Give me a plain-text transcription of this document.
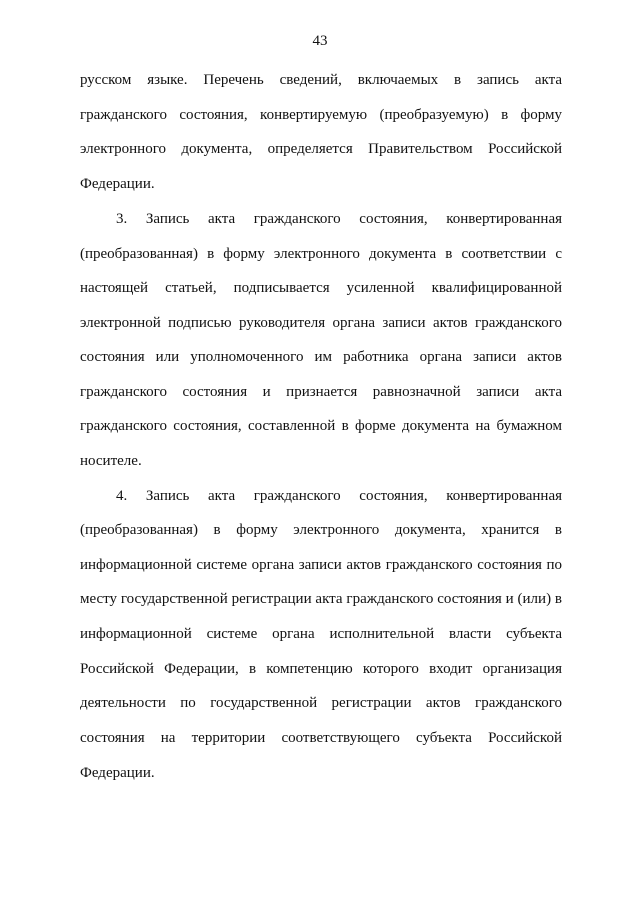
43
русском языке. Перечень сведений, включаемых в запись акта
гражданского состояния, конвертируемую (преобразуемую) в форму
электронного документа, определяется Правительством Российской
Федерации.
3. Запись акта гражданского состояния, конвертированная
(преобразованная) в форму электронного документа в соответствии с
настоящей статьей, подписывается усиленной квалифицированной
электронной подписью руководителя органа записи актов гражданского
состояния или уполномоченного им работника органа записи актов
гражданского состояния и признается равнозначной записи акта
гражданского состояния, составленной в форме документа на бумажном
носителе.
4. Запись акта гражданского состояния, конвертированная
(преобразованная) в форму электронного документа, хранится в
информационной системе органа записи актов гражданского состояния по
месту государственной регистрации акта гражданского состояния и (или) в
информационной системе органа исполнительной власти субъекта
Российской Федерации, в компетенцию которого входит организация
деятельности по государственной регистрации актов гражданского
состояния на территории соответствующего субъекта Российской
Федерации.
